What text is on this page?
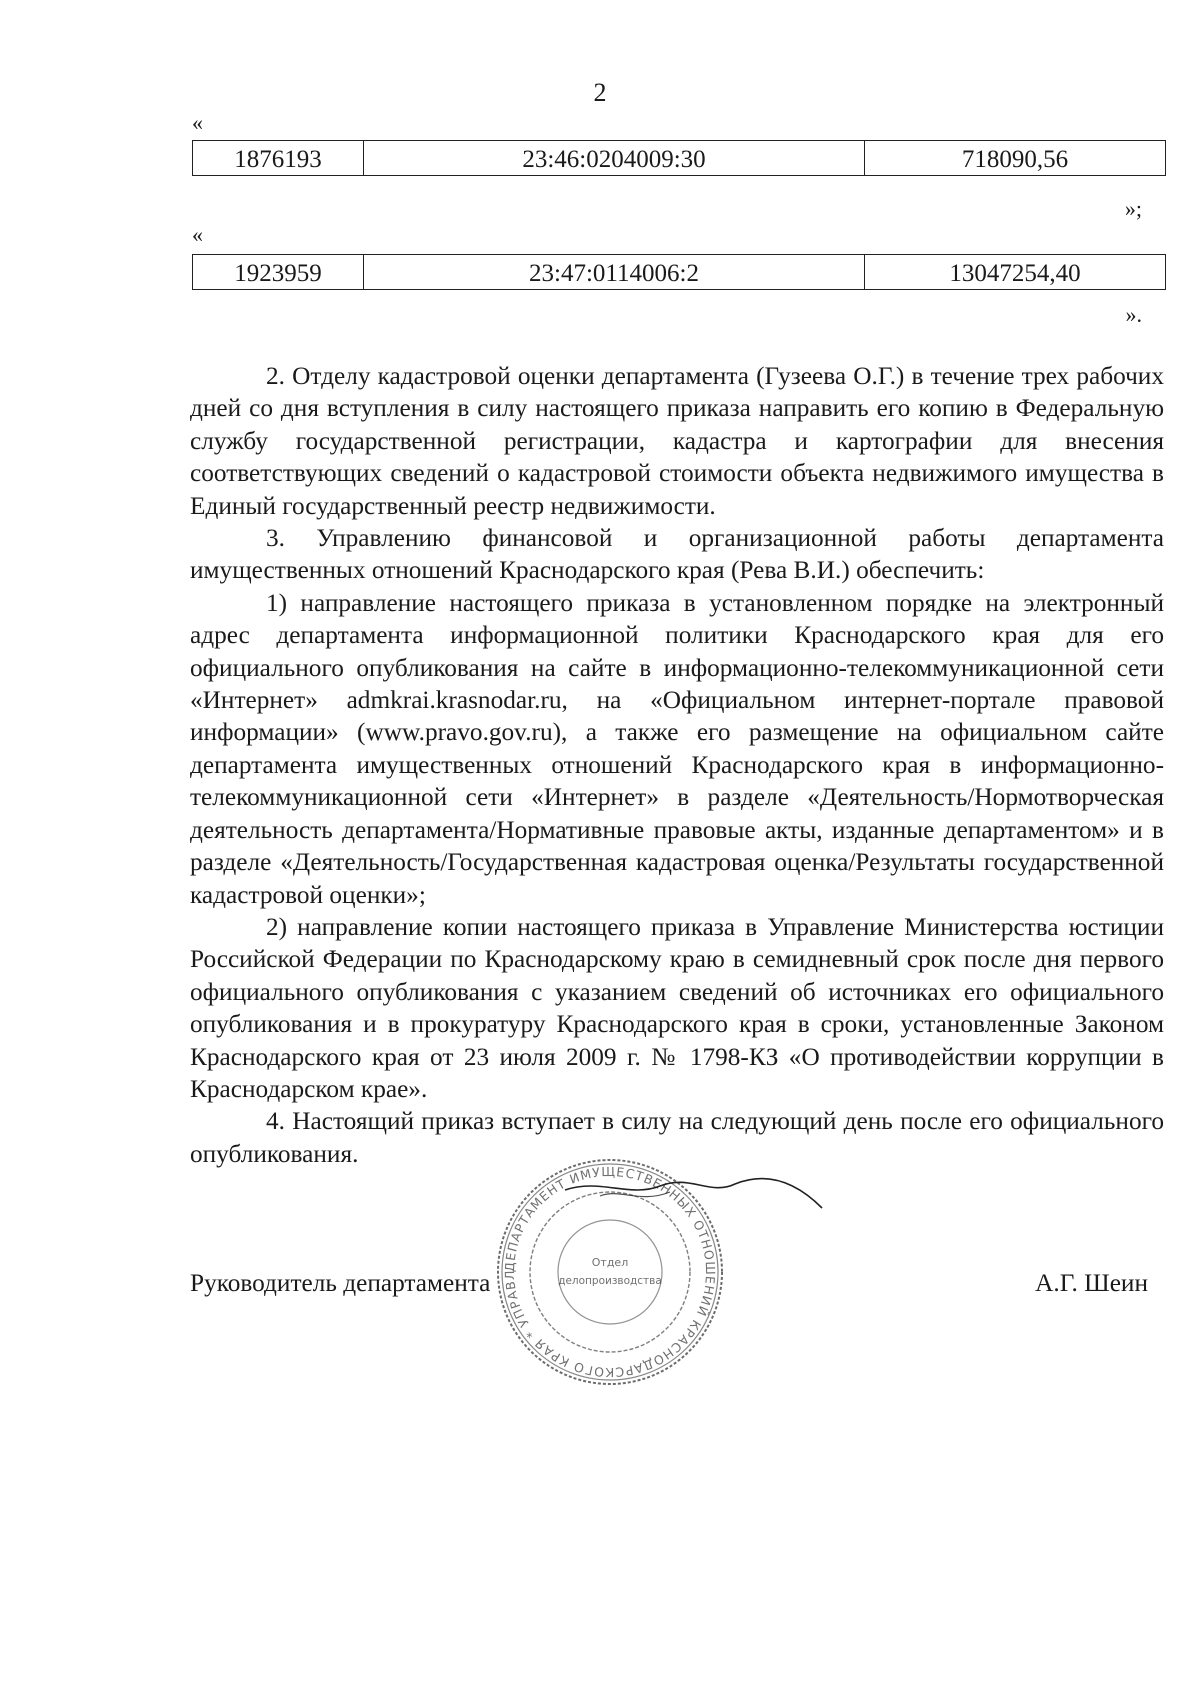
2
«
1876193	23:46:0204009:30	718090,56
»;
«
1923959	23:47:0114006:2	13047254,40
».

2. Отделу кадастровой оценки департамента (Гузеева О.Г.) в течение трех рабочих дней со дня вступления в силу настоящего приказа направить его копию в Федеральную службу государственной регистрации, кадастра и картографии для внесения соответствующих сведений о кадастровой стоимости объекта недвижимого имущества в Единый государственный реестр недвижимости.

3. Управлению финансовой и организационной работы департамента имущественных отношений Краснодарского края (Рева В.И.) обеспечить:

1) направление настоящего приказа в установленном порядке на электронный адрес департамента информационной политики Краснодарского края для его официального опубликования на сайте в информационно-телекоммуникационной сети «Интернет» admkrai.krasnodar.ru, на «Официальном интернет-портале правовой информации» (www.pravo.gov.ru), а также его размещение на официальном сайте департамента имущественных отношений Краснодарского края в информационно-телекоммуникационной сети «Интернет» в разделе «Деятельность/Нормотворческая деятельность департамента/Нормативные правовые акты, изданные департаментом» и в разделе «Деятельность/Государственная кадастровая оценка/Результаты государственной кадастровой оценки»;

2) направление копии настоящего приказа в Управление Министерства юстиции Российской Федерации по Краснодарскому краю в семидневный срок после дня первого официального опубликования с указанием сведений об источниках его официального опубликования и в прокуратуру Краснодарского края в сроки, установленные Законом Краснодарского края от 23 июля 2009 г. № 1798-КЗ «О противодействии коррупции в Краснодарском крае».

4. Настоящий приказ вступает в силу на следующий день после его официального опубликования.

ДЕПАРТАМЕНТ ИМУЩЕСТВЕННЫХ ОТНОШЕНИЙ КРАСНОДАРСКОГО КРАЯ * УПРАВЛ
Отдел
делопроизводства
Руководитель департамента	А.Г. Шеин
